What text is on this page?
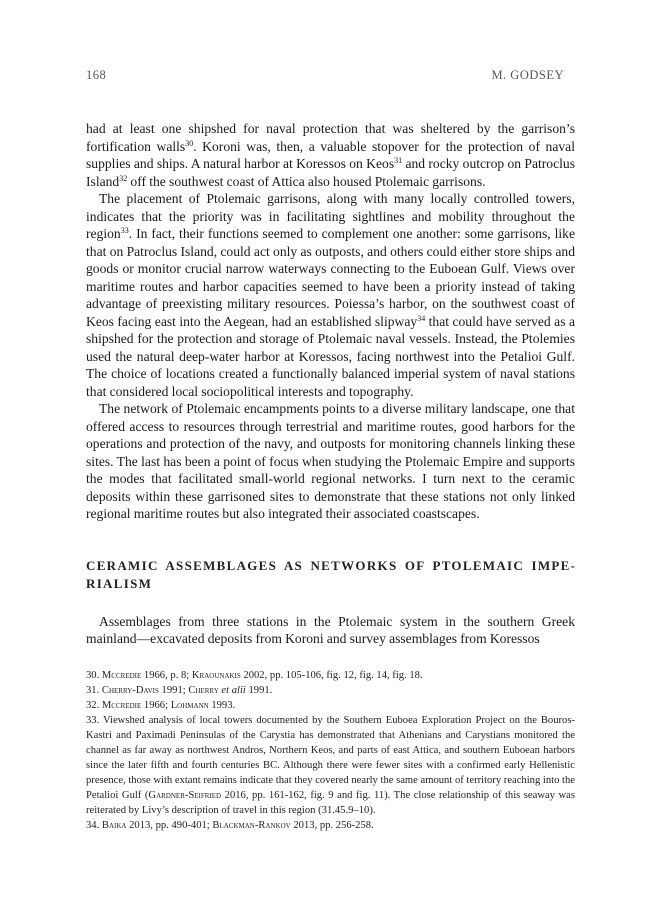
168	M. GODSEY

had at least one shipshed for naval protection that was sheltered by the garrison’s fortification walls$^{30}$. Koroni was, then, a valuable stopover for the protection of naval supplies and ships. A natural harbor at Koressos on Keos$^{31}$ and rocky outcrop on Patroclus Island$^{32}$ off the southwest coast of Attica also housed Ptolemaic garrisons.

The placement of Ptolemaic garrisons, along with many locally controlled towers, indicates that the priority was in facilitating sightlines and mobility throughout the region$^{33}$. In fact, their functions seemed to complement one another: some garrisons, like that on Patroclus Island, could act only as outposts, and others could either store ships and goods or monitor crucial narrow waterways connecting to the Euboean Gulf. Views over maritime routes and harbor capacities seemed to have been a priority instead of taking advantage of preexisting military resources. Poiessa’s harbor, on the southwest coast of Keos facing east into the Aegean, had an established slipway$^{34}$ that could have served as a shipshed for the protection and storage of Ptolemaic naval vessels. Instead, the Ptolemies used the natural deep-water harbor at Koressos, facing northwest into the Petalioi Gulf. The choice of locations created a functionally balanced imperial system of naval stations that considered local sociopolitical interests and topography.

The network of Ptolemaic encampments points to a diverse military landscape, one that offered access to resources through terrestrial and maritime routes, good harbors for the operations and protection of the navy, and outposts for monitoring channels linking these sites. The last has been a point of focus when studying the Ptolemaic Empire and supports the modes that facilitated small-world regional networks. I turn next to the ceramic deposits within these garrisoned sites to demonstrate that these stations not only linked regional maritime routes but also integrated their associated coastscapes.

CERAMIC ASSEMBLAGES AS NETWORKS OF PTOLEMAIC IMPERIALISM

Assemblages from three stations in the Ptolemaic system in the southern Greek mainland—excavated deposits from Koroni and survey assemblages from Koressos

30. Mccredie 1966, p. 8; Kraounakis 2002, pp. 105-106, fig. 12, fig. 14, fig. 18.

31. Cherry-Davis 1991; Cherry et alii 1991.

32. Mccredie 1966; Lohmann 1993.

33. Viewshed analysis of local towers documented by the Southern Euboea Exploration Project on the Bouros-Kastri and Paximadi Peninsulas of the Carystia has demonstrated that Athenians and Carystians monitored the channel as far away as northwest Andros, Northern Keos, and parts of east Attica, and southern Euboean harbors since the later fifth and fourth centuries BC. Although there were fewer sites with a confirmed early Hellenistic presence, those with extant remains indicate that they covered nearly the same amount of territory reaching into the Petalioi Gulf (Gardner-Seifried 2016, pp. 161-162, fig. 9 and fig. 11). The close relationship of this seaway was reiterated by Livy’s description of travel in this region (31.45.9–10).

34. Baika 2013, pp. 490-401; Blackman-Rankov 2013, pp. 256-258.
